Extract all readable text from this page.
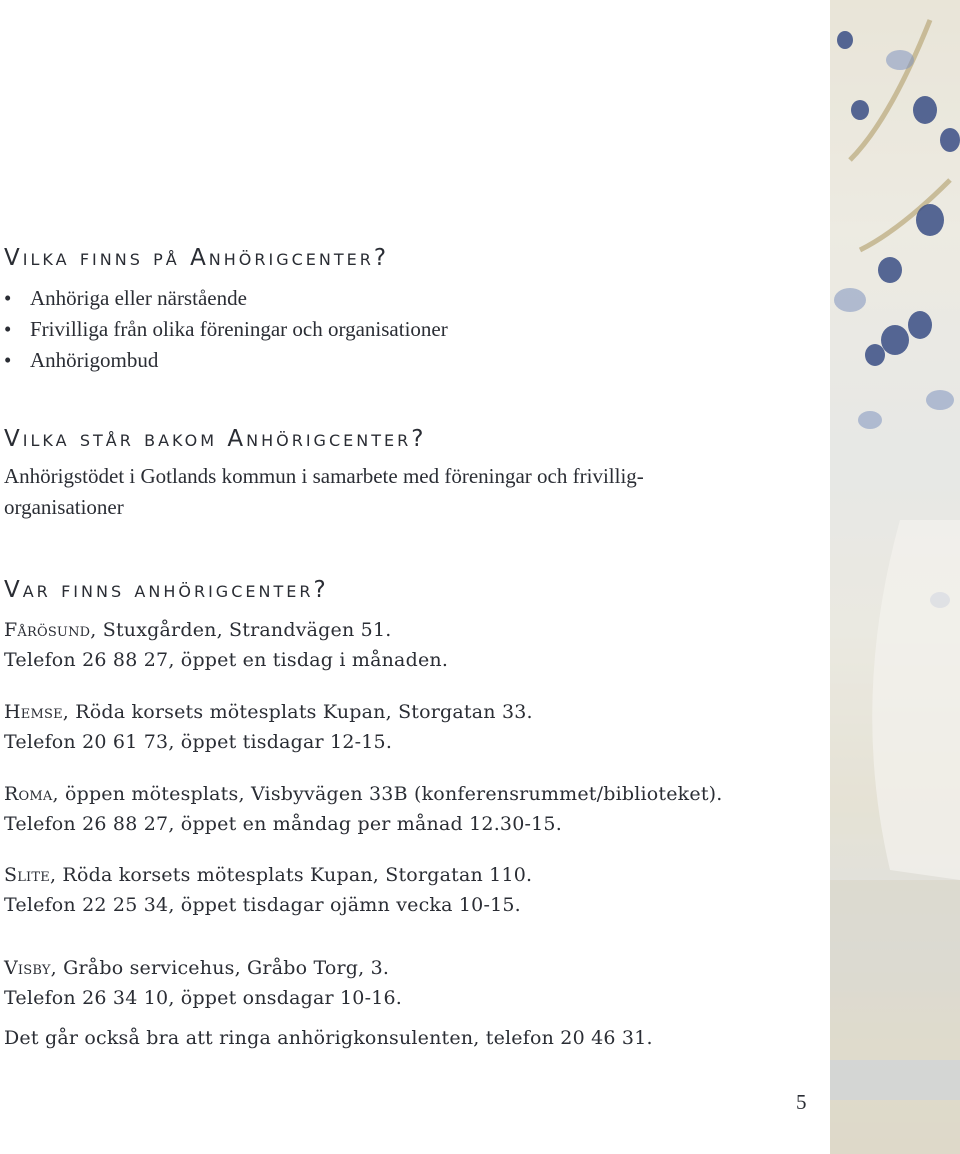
Vilka finns på Anhörigcenter?
• Anhöriga eller närstående
• Frivilliga från olika föreningar och organisationer
• Anhörigombud
Vilka står bakom Anhörigcenter?

Anhörigstödet i Gotlands kommun i samarbete med föreningar och frivillig-

organisationer

Var finns anhörigcenter?

Fårösund, Stuxgården, Strandvägen 51.

Telefon 26 88 27, öppet en tisdag i månaden.

Hemse, Röda korsets mötesplats Kupan, Storgatan 33.

Telefon 20 61 73, öppet tisdagar 12-15.

Roma, öppen mötesplats, Visbyvägen 33B (konferensrummet/biblioteket).

Telefon 26 88 27, öppet en måndag per månad 12.30-15.

Slite, Röda korsets mötesplats Kupan, Storgatan 110.

Telefon 22 25 34, öppet tisdagar ojämn vecka 10-15.

Visby, Gråbo servicehus, Gråbo Torg, 3.

Telefon 26 34 10, öppet onsdagar 10-16.

Det går också bra att ringa anhörigkonsulenten, telefon 20 46 31.

5
